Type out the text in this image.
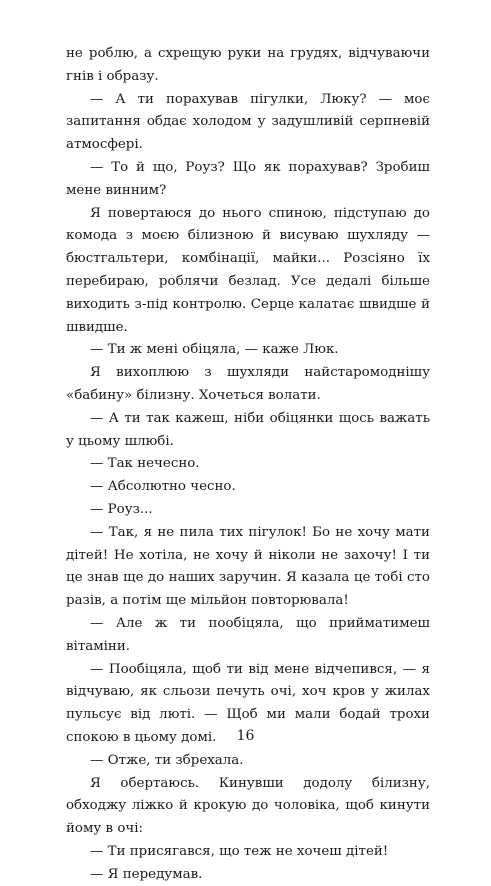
не роблю, а схрещую руки на грудях, відчуваючи гнів і образу.

— А ти порахував пігулки, Люку? — моє запитання обдає холодом у задушливій серпневій атмосфері.

— То й що, Роуз? Що як порахував? Зробиш мене винним?

Я повертаюся до нього спиною, підступаю до комода з моєю білизною й висуваю шухляду — бюстгальтери, комбінації, майки... Розсіяно їх перебираю, роблячи безлад. Усе дедалі більше виходить з-під контролю. Серце калатає швидше й швидше.

— Ти ж мені обіцяла, — каже Люк.

Я вихоплюю з шухляди найстаромоднішу «бабину» білизну. Хочеться волати.

— А ти так кажеш, ніби обіцянки щось важать у цьому шлюбі.

— Так нечесно.

— Абсолютно чесно.

— Роуз...

— Так, я не пила тих пігулок! Бо не хочу мати дітей! Не хотіла, не хочу й ніколи не захочу! І ти це знав ще до наших заручин. Я казала це тобі сто разів, а потім ще мільйон повторювала!

— Але ж ти пообіцяла, що прийматимеш вітаміни.

— Пообіцяла, щоб ти від мене відчепився, — я відчуваю, як сльози печуть очі, хоч кров у жилах пульсує від люті. — Щоб ми мали бодай трохи спокою в цьому домі.

— Отже, ти збрехала.

Я обертаюсь. Кинувши додолу білизну, обходжу ліжко й крокую до чоловіка, щоб кинути йому в очі:

— Ти присягався, що теж не хочеш дітей!

— Я передумав.

16
